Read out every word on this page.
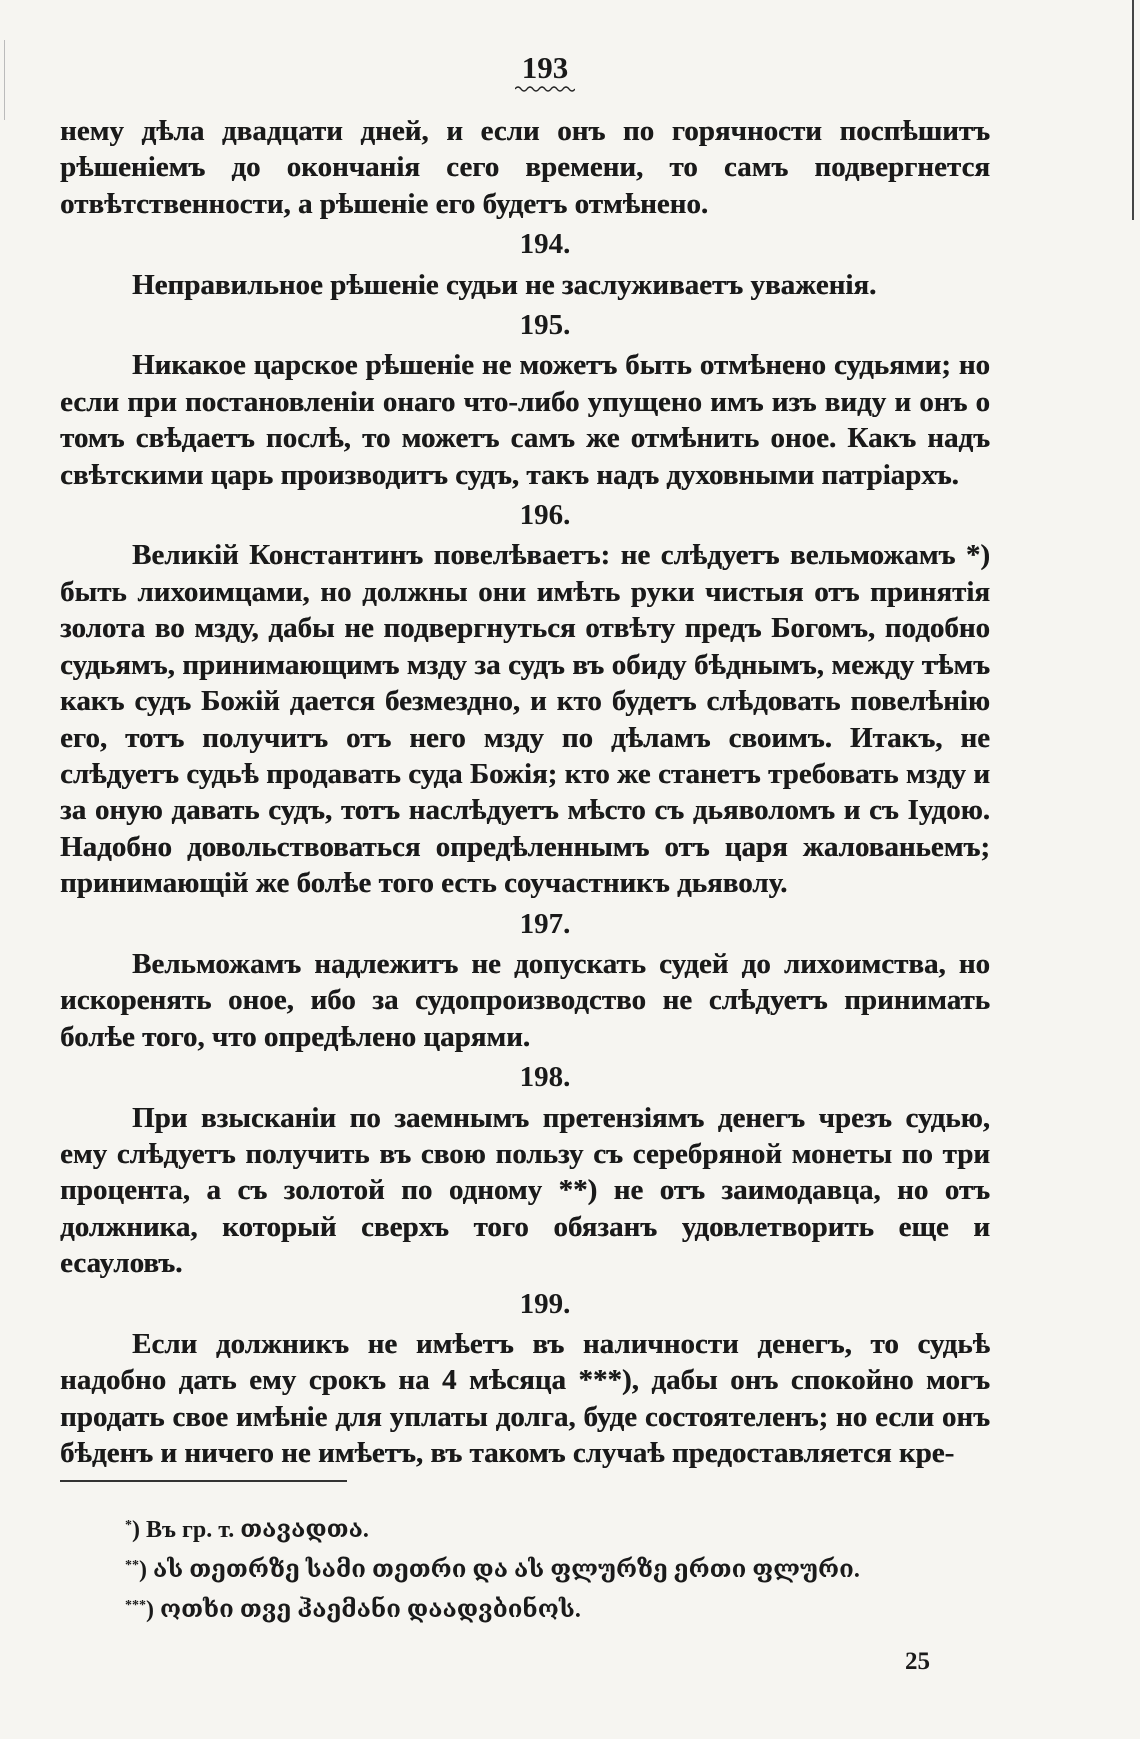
193

нему дѣла двадцати дней, и если онъ по горячности поспѣшитъ рѣшеніемъ до окончанія сего времени, то самъ подвергнется отвѣтственности, а рѣшеніе его будетъ отмѣнено.

194.

Неправильное рѣшеніе судьи не заслуживаетъ уваженія.

195.

Никакое царское рѣшеніе не можетъ быть отмѣнено судьями; но если при постановленіи онаго что-либо упущено имъ изъ виду и онъ о томъ свѣдаетъ послѣ, то можетъ самъ же отмѣнить оное. Какъ надъ свѣтскими царь производитъ судъ, такъ надъ духовными патріархъ.

196.

Великій Константинъ повелѣваетъ: не слѣдуетъ вельможамъ *) быть лихоимцами, но должны они имѣть руки чистыя отъ принятія золота во мзду, дабы не подвергнуться отвѣту предъ Богомъ, подобно судьямъ, принимающимъ мзду за судъ въ обиду бѣднымъ, между тѣмъ какъ судъ Божій дается безмездно, и кто будетъ слѣдовать повелѣнію его, тотъ получитъ отъ него мзду по дѣламъ своимъ. Итакъ, не слѣдуетъ судьѣ продавать суда Божія; кто же станетъ требовать мзду и за оную давать судъ, тотъ наслѣдуетъ мѣсто съ дьяволомъ и съ Іудою. Надобно довольствоваться опредѣленнымъ отъ царя жалованьемъ; принимающій же болѣе того есть соучастникъ дьяволу.

197.

Вельможамъ надлежитъ не допускать судей до лихоимства, но искоренять оное, ибо за судопроизводство не слѣдуетъ принимать болѣе того, что опредѣлено царями.

198.

При взысканіи по заемнымъ претензіямъ денегъ чрезъ судью, ему слѣдуетъ получить въ свою пользу съ серебряной монеты по три процента, а съ золотой по одному **) не отъ заимодавца, но отъ должника, который сверхъ того обязанъ удовлетворить еще и есауловъ.

199.

Если должникъ не имѣетъ въ наличности денегъ, то судьѣ надобно дать ему срокъ на 4 мѣсяца ***), дабы онъ спокойно могъ продать свое имѣніе для уплаты долга, буде состоятеленъ; но если онъ бѣденъ и ничего не имѣетъ, въ такомъ случаѣ предоставляется кре-

*) Въ гр. т. თავადთა.
**) ას თეთრზე სამი თეთრი და ას ფლურზე ერთი ფლური.
***) ოთხი თვე ჰაემანი დაადვბინოს.
25
